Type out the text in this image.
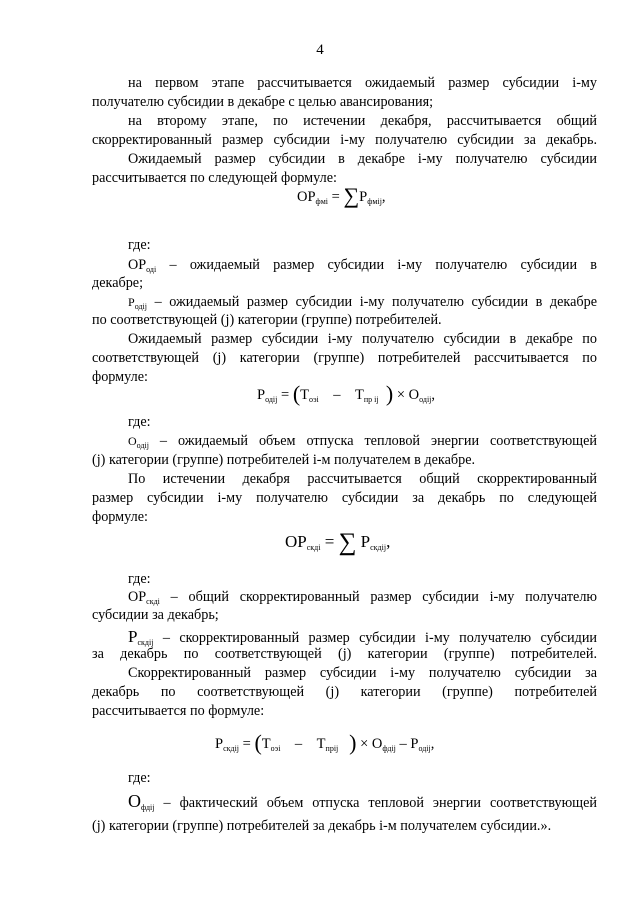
4
на первом этапе рассчитывается ожидаемый размер субсидии i-му
получателю субсидии в декабре с целью авансирования;
на второму этапе, по истечении декабря, рассчитывается общий
скорректированный размер субсидии i-му получателю субсидии за декабрь.
Ожидаемый размер субсидии в декабре i-му получателю субсидии
рассчитывается по следующей формуле:
$ОР_{фмi} = \sum Р_{фмij}$,
где:
$ОР_{одi}$ – ожидаемый размер субсидии i-му получателю субсидии в
декабре;
$Р_{одij}$ – ожидаемый размер субсидии i-му получателю субсидии в декабре
по соответствующей (j) категории (группе) потребителей.
Ожидаемый размер субсидии i-му получателю субсидии в декабре по
соответствующей (j) категории (группе) потребителей рассчитывается по
формуле:
$Р_{одij} = (Т_{оэi} - Т_{пр ij}$ ) × $О_{одij}$,
где:
$О_{одij}$ – ожидаемый объем отпуска тепловой энергии соответствующей
(j) категории (группе) потребителей i-м получателем в декабре.
По истечении декабря рассчитывается общий скорректированный
размер субсидии i-му получателю субсидии за декабрь по следующей
формуле:
$ОР_{скдi}$ = ∑ $Р_{скдij}$,
где:
$ОР_{скдi}$ – общий скорректированный размер субсидии i-му получателю
субсидии за декабрь;
$Р_{скдij}$ – скорректированный размер субсидии i-му получателю субсидии
за декабрь по соответствующей (j) категории (группе) потребителей.
Скорректированный размер субсидии i-му получателю субсидии за
декабрь по соответствующей (j) категории (группе) потребителей
рассчитывается по формуле:
$Р_{скдij} = (Т_{оэi} - Т_{прij}$ ) × $О_{фдij} - Р_{одij}$,
где:
$О_{фдij}$ – фактический объем отпуска тепловой энергии соответствующей
(j) категории (группе) потребителей за декабрь i-м получателем субсидии.».
